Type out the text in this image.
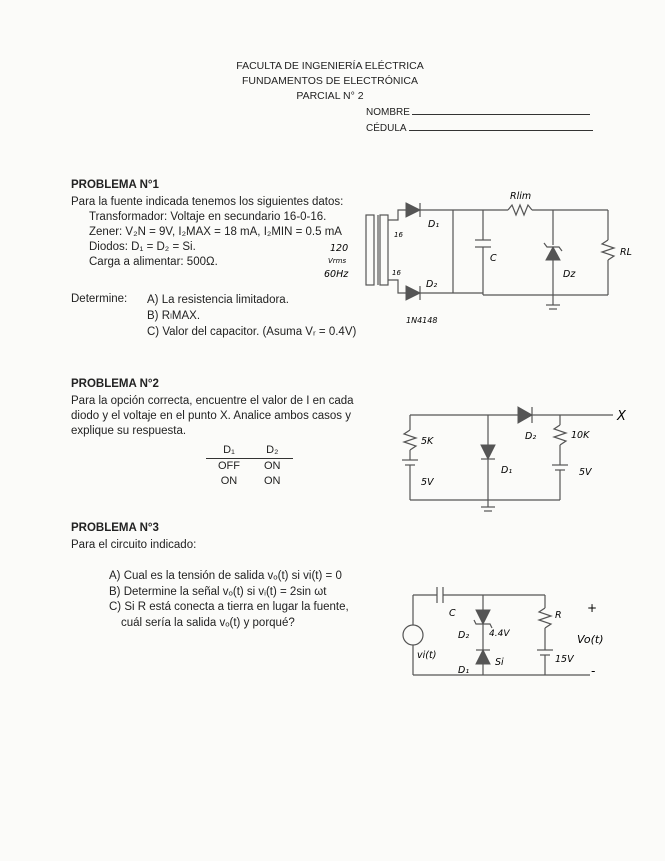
FACULTA DE INGENIERÍA ELÉCTRICA
FUNDAMENTOS DE ELECTRÓNICA
PARCIAL N° 2
NOMBRE
CÉDULA
PROBLEMA N°1
Para la fuente indicada tenemos los siguientes datos:
Transformador: Voltaje en secundario 16-0-16.
Zener: V₂N = 9V, I₂MAX = 18 mA, I₂MIN = 0.5 mA
Diodos: D₁ = D₂ = Si.
Carga a alimentar: 500Ω.
Determine: A) La resistencia limitadora.
B) RₗMAX.
C) Valor del capacitor. (Asuma Vᵣ = 0.4V)
Rlim
D₁
D₂
Dz
C
RL
120
Vrms
60Hz
16
16
1N4148
PROBLEMA N°2
Para la opción correcta, encuentre el valor de I en cada
diodo y el voltaje en el punto X. Analice ambos casos y
explique su respuesta.
D₁	D₂
OFF	ON
ON	ON
5K
10K
5V
5V
D₁
D₂
X
PROBLEMA N°3
Para el circuito indicado:
A) Cual es la tensión de salida vₒ(t) si vi(t) = 0
B) Determine la señal vₒ(t) si vᵢ(t) = 2sin ωt
C) Si R está conecta a tierra en lugar la fuente,
cuál sería la salida vₒ(t) y porqué?
C	R
D₂ 4.4V
D₁
Si	15V
vi(t)
Vo(t)
+
-
